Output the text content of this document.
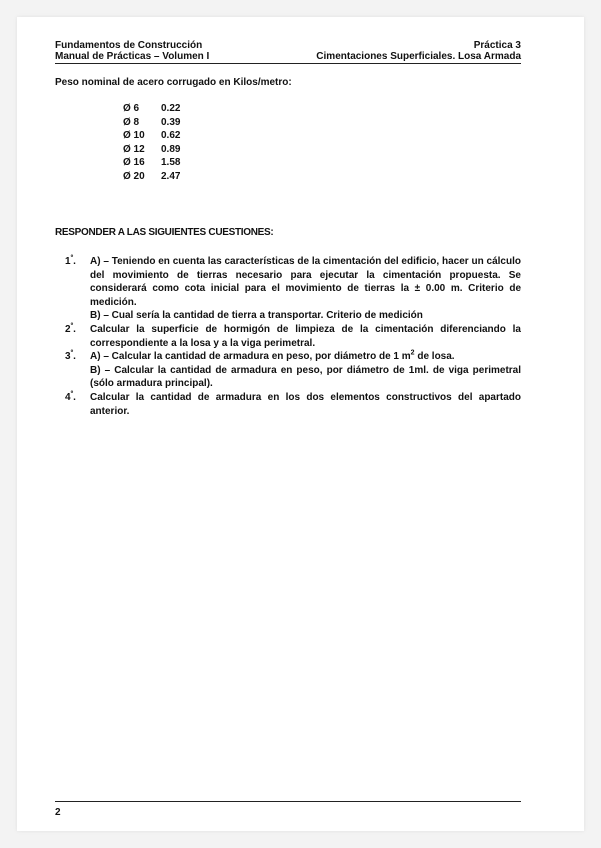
Fundamentos de Construcción	Práctica 3
Manual de Prácticas – Volumen I	Cimentaciones Superficiales. Losa Armada
Peso nominal de acero corrugado en Kilos/metro:
Ø 6	0.22
Ø 8	0.39
Ø 10	0.62
Ø 12	0.89
Ø 16	1.58
Ø 20	2.47
RESPONDER A LAS SIGUIENTES CUESTIONES:
$1^º$.	A) – Teniendo en cuenta las características de la cimentación del edificio, hacer un cálculo del movimiento de tierras necesario para ejecutar la cimentación propuesta. Se considerará como cota inicial para el movimiento de tierras la ± 0.00 m. Criterio de medición.

B) – Cual sería la cantidad de tierra a transportar. Criterio de medición

$2^º$.	Calcular la superficie de hormigón de limpieza de la cimentación diferenciando la correspondiente a la losa y a la viga perimetral.

$3^º$.	A) – Calcular la cantidad de armadura en peso, por diámetro de 1 $m^2$ de losa.

B) – Calcular la cantidad de armadura en peso, por diámetro de 1ml. de viga perimetral (sólo armadura principal).

$4^º$.	Calcular la cantidad de armadura en los dos elementos constructivos del apartado anterior.

2
